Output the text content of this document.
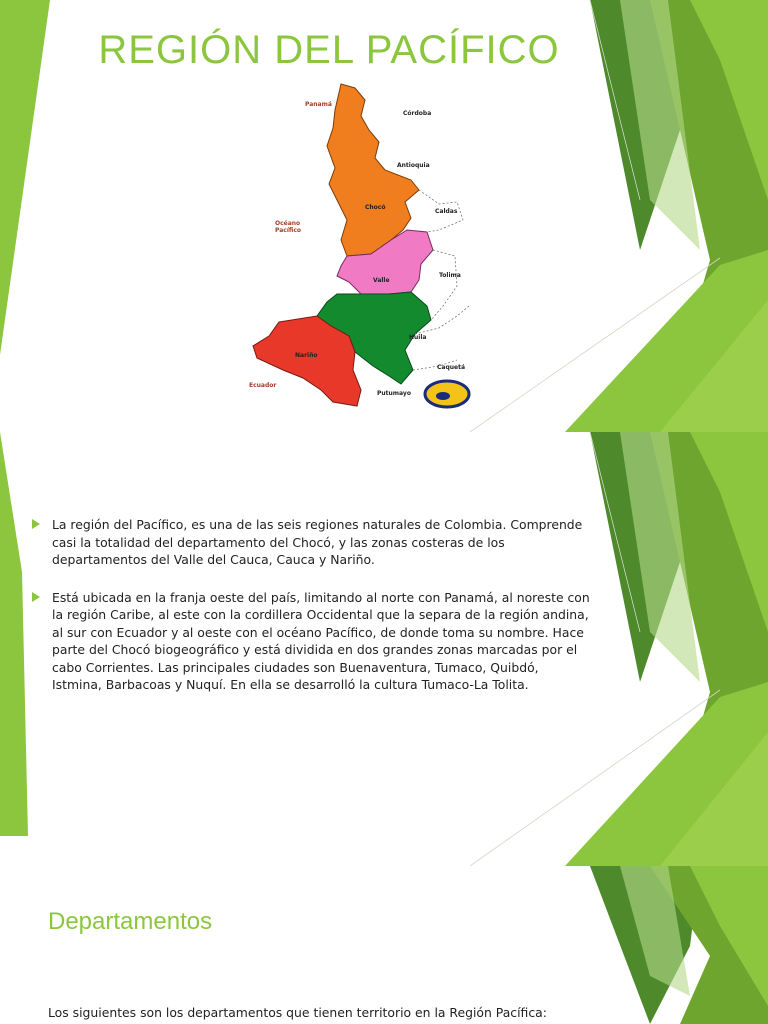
REGIÓN DEL PACÍFICO
Panamá
Córdoba
Antioquia
Océano
Pacífico
Chocó
Caldas
Tolima
Valle
Huila
Nariño
Caquetá
Ecuador
Putumayo
La región del Pacífico, es una de las seis regiones naturales de Colombia. Comprende casi la totalidad del departamento del Chocó, y las zonas costeras de los departamentos del Valle del Cauca, Cauca y Nariño.
Está ubicada en la franja oeste del país, limitando al norte con Panamá, al noreste con la región Caribe, al este con la cordillera Occidental que la separa de la región andina, al sur con Ecuador y al oeste con el océano Pacífico, de donde toma su nombre. Hace parte del Chocó biogeográfico y está dividida en dos grandes zonas marcadas por el cabo Corrientes. Las principales ciudades son Buenaventura, Tumaco, Quibdó, Istmina, Barbacoas y Nuquí. En ella se desarrolló la cultura Tumaco-La Tolita.
Departamentos
Los siguientes son los departamentos que tienen territorio en la Región Pacífica:
